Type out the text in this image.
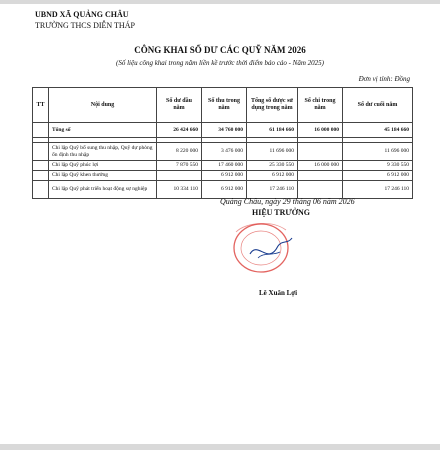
UBND XÃ QUẢNG CHÂU
TRƯỜNG THCS DIỄN THÁP
CÔNG KHAI SỐ DƯ CÁC QUỸ NĂM 2026
(Số liệu công khai trong năm liền kề trước thời điểm báo cáo - Năm 2025)
Đơn vị tính: Đồng
TT	Nội dung	Số dư đầu năm	Số thu trong năm	Tổng số được sử dụng trong năm	Số chi trong năm	Số dư cuối năm
	Tổng số	26 424 660	34 760 000	61 184 660	16 000 000	45 184 660

	Chi lập Quỹ bổ sung thu nhập, Quỹ dự phòng ổn định thu nhập	8 220 000	3 476 000	11 696 000		11 696 000
	Chi lập Quỹ phúc lợi	7 870 550	17 460 000	25 330 550	16 000 000	9 330 550
	Chi lập Quỹ khen thưởng		6 912 000	6 912 000		6 912 000
	Chi lập Quỹ phát triển hoạt động sự nghiệp	10 334 110	6 912 000	17 246 110		17 246 110
Quảng Châu, ngày 29 tháng 06 năm 2026
HIỆU TRƯỞNG
Lê Xuân Lợi
